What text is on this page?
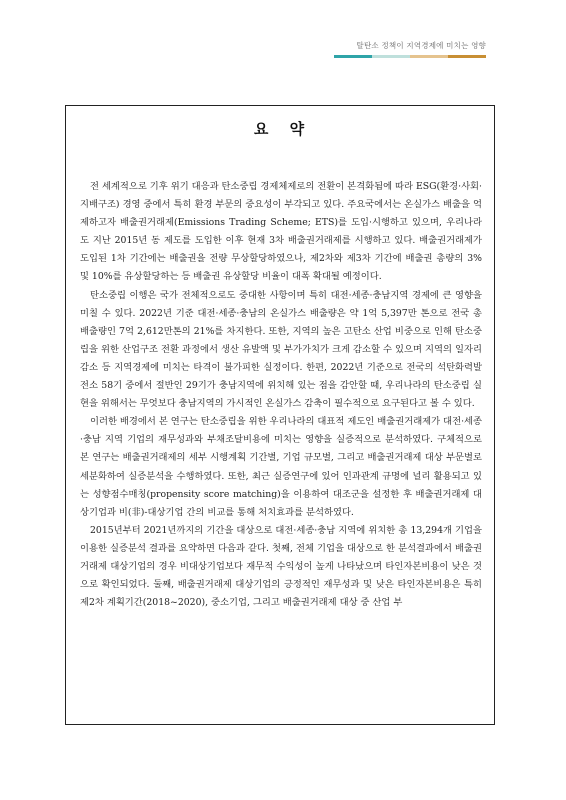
탈탄소 정책이 지역경제에 미치는 영향
요 약

전 세계적으로 기후 위기 대응과 탄소중립 경제체제로의 전환이 본격화됨에 따라 ESG(환경·사회·지배구조) 경영 중에서 특히 환경 부문의 중요성이 부각되고 있다. 주요국에서는 온실가스 배출을 억제하고자 배출권거래제(Emissions Trading Scheme; ETS)를 도입·시행하고 있으며, 우리나라도 지난 2015년 동 제도를 도입한 이후 현재 3차 배출권거래제를 시행하고 있다. 배출권거래제가 도입된 1차 기간에는 배출권을 전량 무상할당하였으나, 제2차와 제3차 기간에 배출권 총량의 3% 및 10%를 유상할당하는 등 배출권 유상할당 비율이 대폭 확대될 예정이다.

탄소중립 이행은 국가 전체적으로도 중대한 사항이며 특히 대전·세종·충남지역 경제에 큰 영향을 미칠 수 있다. 2022년 기준 대전·세종·충남의 온실가스 배출량은 약 1억 5,397만 톤으로 전국 총 배출량인 7억 2,612만톤의 21%를 차지한다. 또한, 지역의 높은 고탄소 산업 비중으로 인해 탄소중립을 위한 산업구조 전환 과정에서 생산 유발액 및 부가가치가 크게 감소할 수 있으며 지역의 일자리 감소 등 지역경제에 미치는 타격이 불가피한 실정이다. 한편, 2022년 기준으로 전국의 석탄화력발전소 58기 중에서 절반인 29기가 충남지역에 위치해 있는 점을 감안할 때, 우리나라의 탄소중립 실현을 위해서는 무엇보다 충남지역의 가시적인 온실가스 감축이 필수적으로 요구된다고 볼 수 있다.

이러한 배경에서 본 연구는 탄소중립을 위한 우리나라의 대표적 제도인 배출권거래제가 대전·세종·충남 지역 기업의 재무성과와 부채조달비용에 미치는 영향을 실증적으로 분석하였다. 구체적으로 본 연구는 배출권거래제의 세부 시행계획 기간별, 기업 규모별, 그리고 배출권거래제 대상 부문별로 세분화하여 실증분석을 수행하였다. 또한, 최근 실증연구에 있어 인과관계 규명에 널리 활용되고 있는 성향점수매칭(propensity score matching)을 이용하여 대조군을 설정한 후 배출권거래제 대상기업과 비(非)-대상기업 간의 비교를 통해 처치효과를 분석하였다.

2015년부터 2021년까지의 기간을 대상으로 대전·세종·충남 지역에 위치한 총 13,294개 기업을 이용한 실증분석 결과를 요약하면 다음과 같다. 첫째, 전체 기업을 대상으로 한 분석결과에서 배출권거래제 대상기업의 경우 비대상기업보다 재무적 수익성이 높게 나타났으며 타인자본비용이 낮은 것으로 확인되었다. 둘째, 배출권거래제 대상기업의 긍정적인 재무성과 및 낮은 타인자본비용은 특히 제2차 계획기간(2018~2020), 중소기업, 그리고 배출권거래제 대상 중 산업 부
